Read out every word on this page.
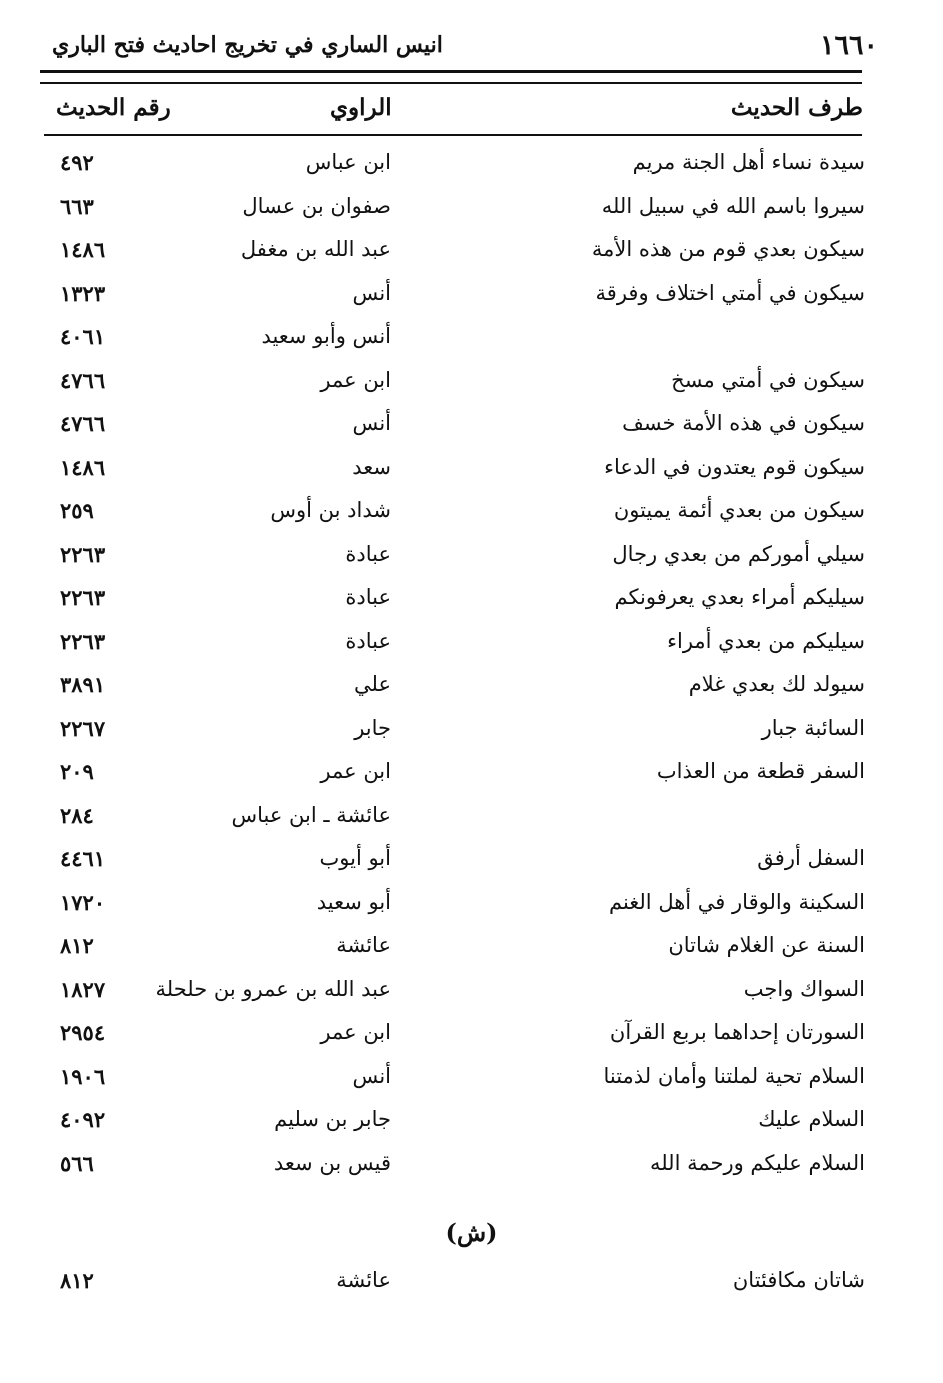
١٦٦٠
انيس الساري في تخريج احاديث فتح الباري
طرف الحديث
الراوي
رقم الحديث
سيدة نساء أهل الجنة مريم
ابن عباس
٤٩٢
سيروا باسم الله في سبيل الله
صفوان بن عسال
٦٦٣
سيكون بعدي قوم من هذه الأمة
عبد الله بن مغفل
١٤٨٦
سيكون في أمتي اختلاف وفرقة
أنس
١٣٢٣
أنس وأبو سعيد
٤٠٦١
سيكون في أمتي مسخ
ابن عمر
٤٧٦٦
سيكون في هذه الأمة خسف
أنس
٤٧٦٦
سيكون قوم يعتدون في الدعاء
سعد
١٤٨٦
سيكون من بعدي أئمة يميتون
شداد بن أوس
٢٥٩
سيلي أموركم من بعدي رجال
عبادة
٢٢٦٣
سيليكم أمراء بعدي يعرفونكم
عبادة
٢٢٦٣
سيليكم من بعدي أمراء
عبادة
٢٢٦٣
سيولد لك بعدي غلام
علي
٣٨٩١
السائبة جبار
جابر
٢٢٦٧
السفر قطعة من العذاب
ابن عمر
٢٠٩
عائشة ـ ابن عباس
٢٨٤
السفل أرفق
أبو أيوب
٤٤٦١
السكينة والوقار في أهل الغنم
أبو سعيد
١٧٢٠
السنة عن الغلام شاتان
عائشة
٨١٢
السواك واجب
عبد الله بن عمرو بن حلحلة
١٨٢٧
السورتان إحداهما بربع القرآن
ابن عمر
٢٩٥٤
السلام تحية لملتنا وأمان لذمتنا
أنس
١٩٠٦
السلام عليك
جابر بن سليم
٤٠٩٢
السلام عليكم ورحمة الله
قيس بن سعد
٥٦٦
(ش)
شاتان مكافئتان
عائشة
٨١٢
